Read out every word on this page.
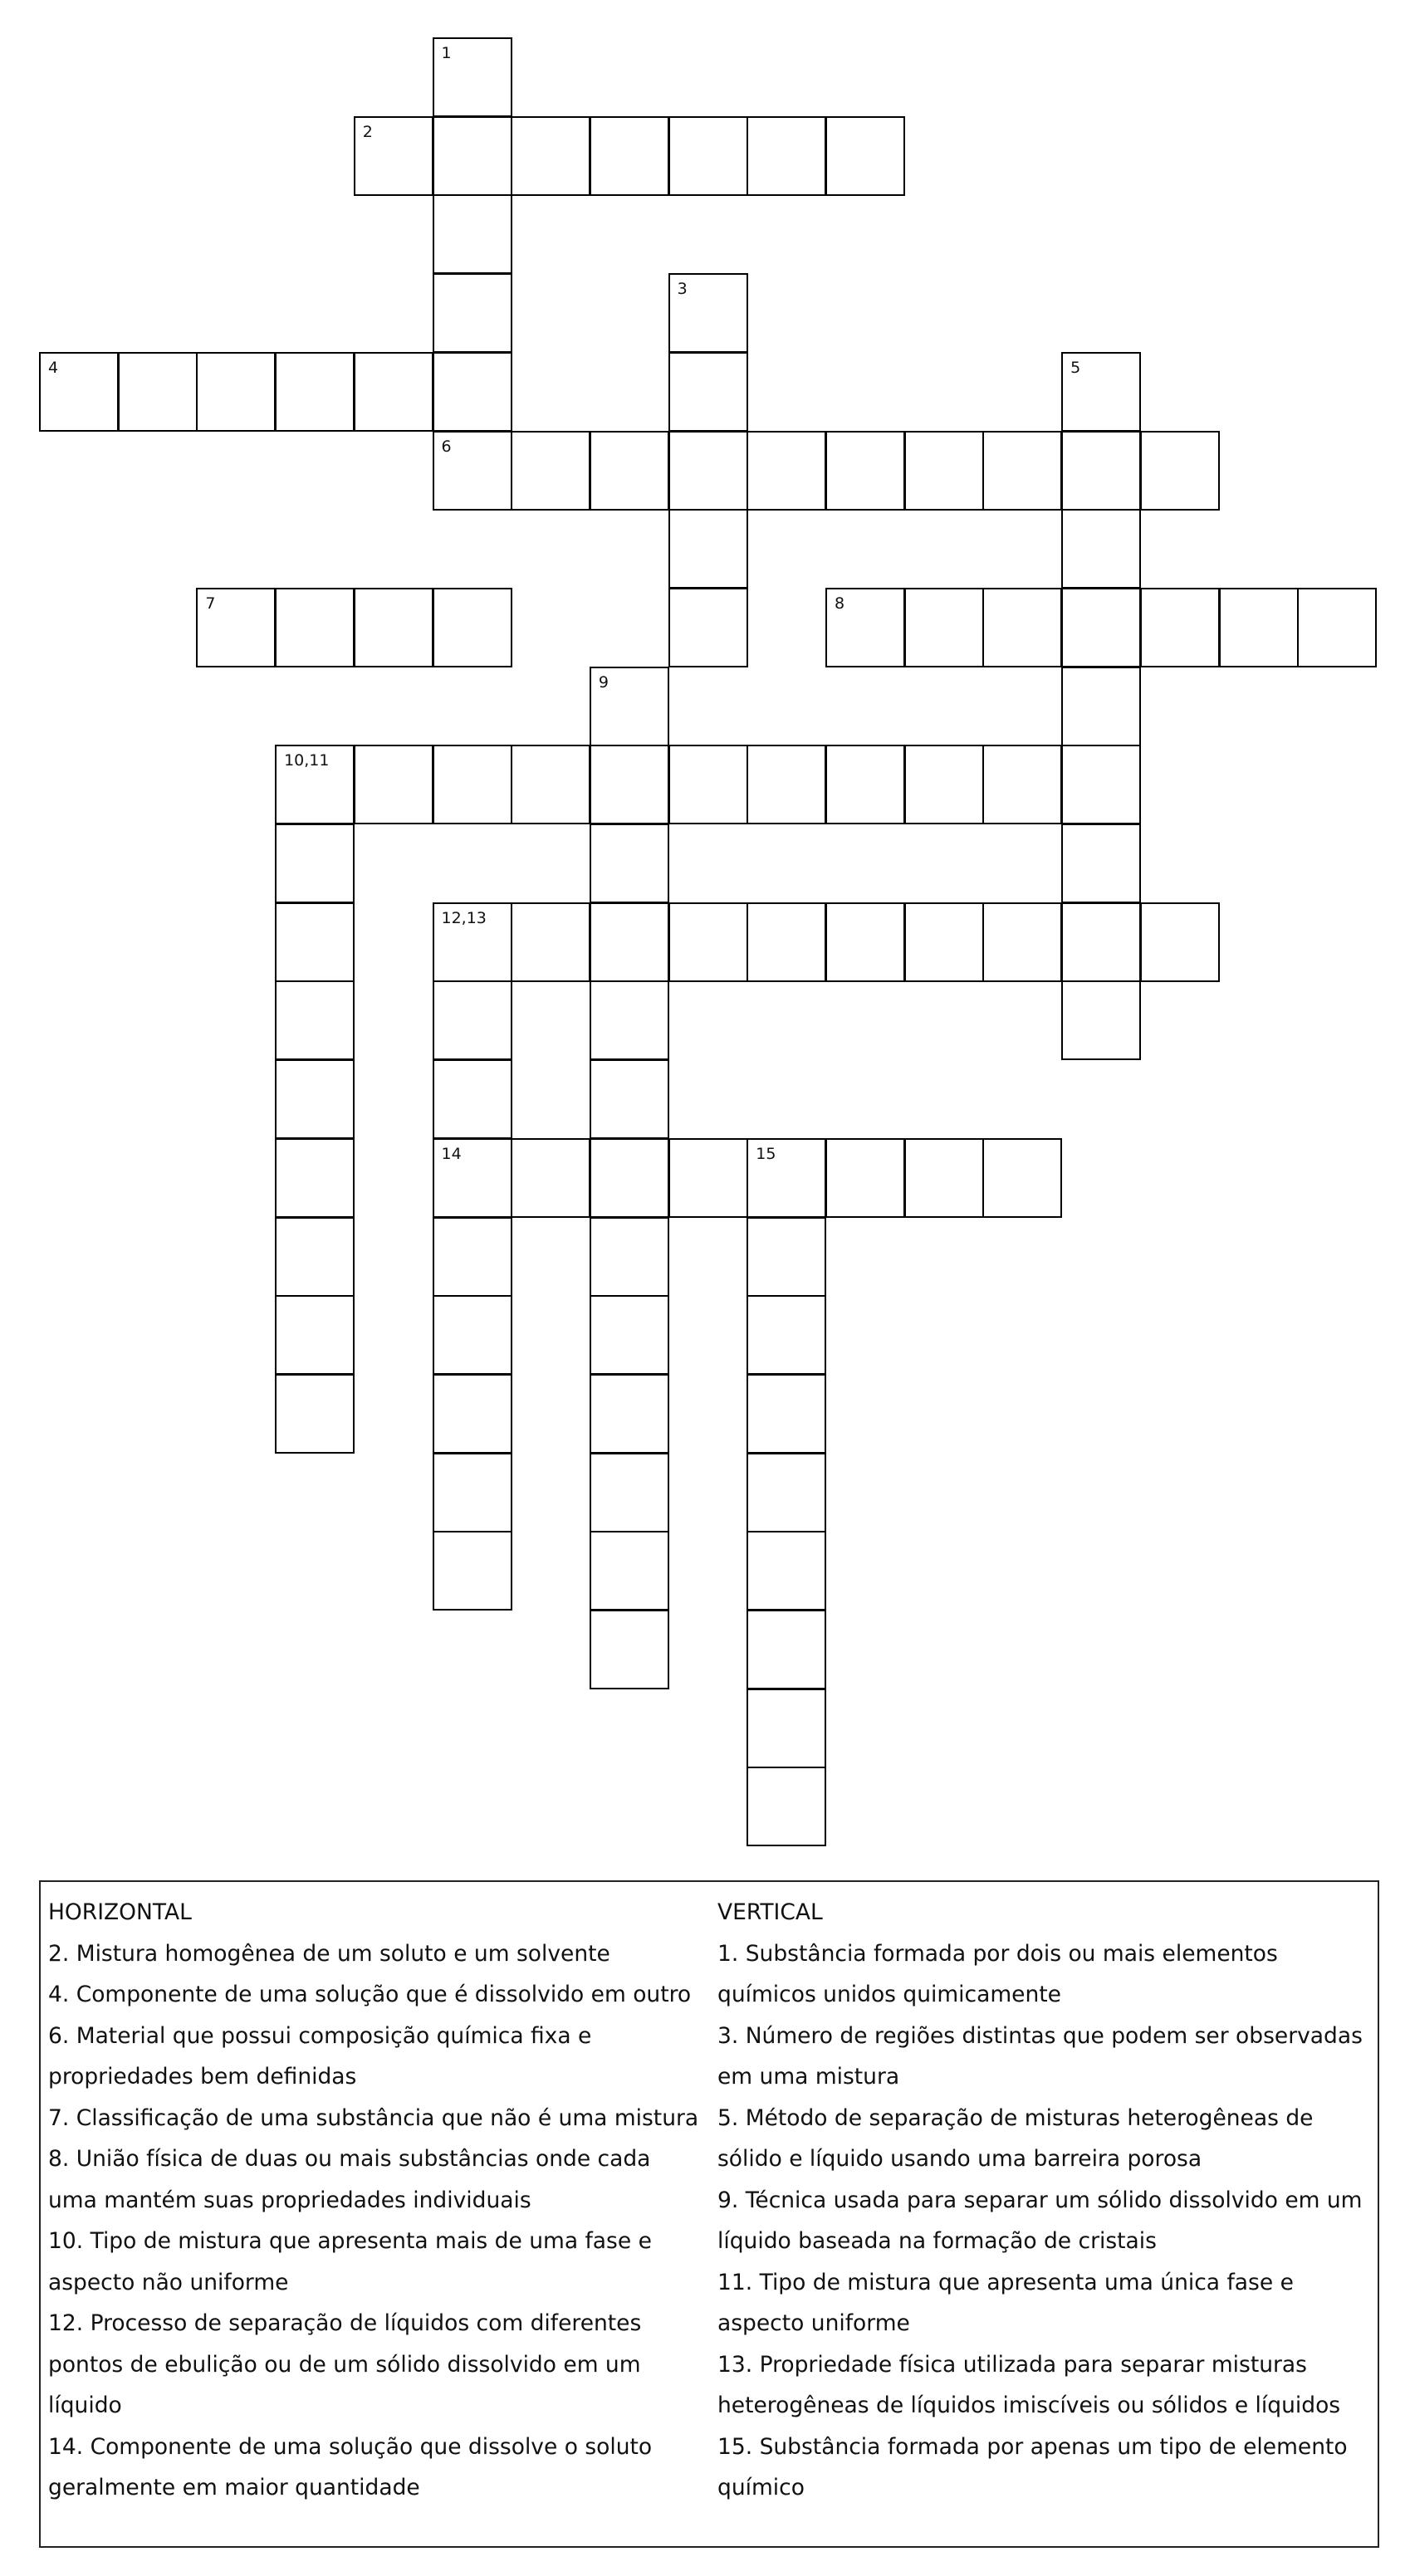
1
6
2
3
4	5
7	8
9
10,11
12,13
14	15
HORIZONTAL
2. Mistura homogênea de um soluto e um solvente
4. Componente de uma solução que é dissolvido em outro
6. Material que possui composição química fixa e
propriedades bem definidas
7. Classificação de uma substância que não é uma mistura
8. União física de duas ou mais substâncias onde cada
uma mantém suas propriedades individuais
10. Tipo de mistura que apresenta mais de uma fase e
aspecto não uniforme
12. Processo de separação de líquidos com diferentes
pontos de ebulição ou de um sólido dissolvido em um
líquido
14. Componente de uma solução que dissolve o soluto
geralmente em maior quantidade
VERTICAL
1. Substância formada por dois ou mais elementos
químicos unidos quimicamente
3. Número de regiões distintas que podem ser observadas
em uma mistura
5. Método de separação de misturas heterogêneas de
sólido e líquido usando uma barreira porosa
9. Técnica usada para separar um sólido dissolvido em um
líquido baseada na formação de cristais
11. Tipo de mistura que apresenta uma única fase e
aspecto uniforme
13. Propriedade física utilizada para separar misturas
heterogêneas de líquidos imiscíveis ou sólidos e líquidos
15. Substância formada por apenas um tipo de elemento
químico
